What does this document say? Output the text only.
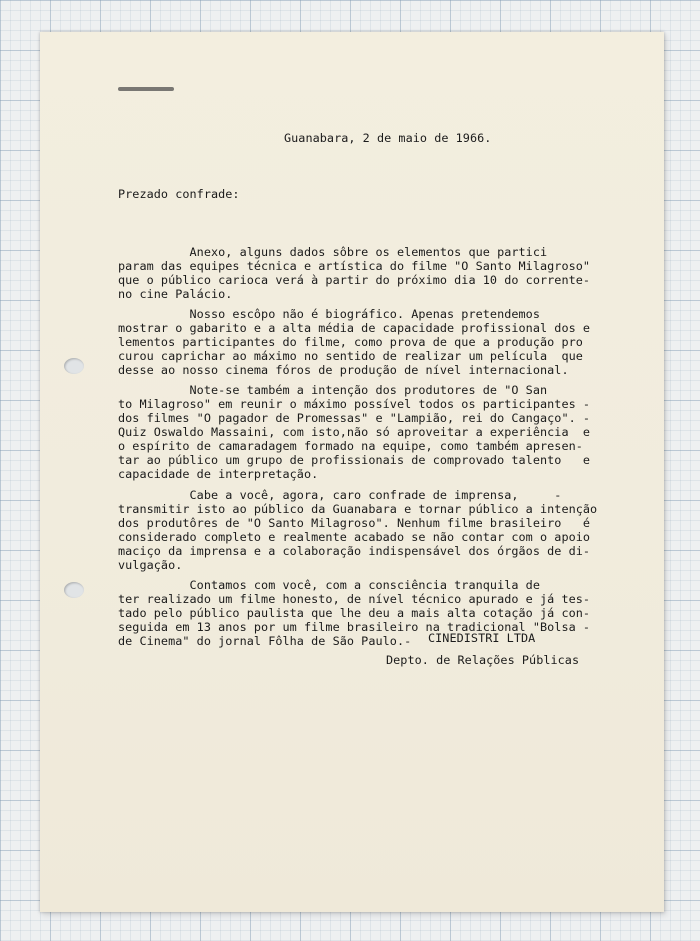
Guanabara, 2 de maio de 1966.
Prezado confrade:
Anexo, alguns dados sôbre os elementos que partici
param das equipes técnica e artística do filme "O Santo Milagroso"
que o público carioca verá à partir do próximo dia 10 do corrente-
no cine Palácio.
Nosso escôpo não é biográfico. Apenas pretendemos
mostrar o gabarito e a alta média de capacidade profissional dos e
lementos participantes do filme, como prova de que a produção pro
curou caprichar ao máximo no sentido de realizar um película  que
desse ao nosso cinema fóros de produção de nível internacional.
Note-se também a intenção dos produtores de "O San
to Milagroso" em reunir o máximo possível todos os participantes -
dos filmes "O pagador de Promessas" e "Lampião, rei do Cangaço". -
Quiz Oswaldo Massaini, com isto,não só aproveitar a experiência  e
o espírito de camaradagem formado na equipe, como também apresen-
tar ao público um grupo de profissionais de comprovado talento   e
capacidade de interpretação.
Cabe a você, agora, caro confrade de imprensa,     -
transmitir isto ao público da Guanabara e tornar público a intenção
dos produtôres de "O Santo Milagroso". Nenhum filme brasileiro   é
considerado completo e realmente acabado se não contar com o apoio
maciço da imprensa e a colaboração indispensável dos órgãos de di-
vulgação.
Contamos com você, com a consciência tranquila de
ter realizado um filme honesto, de nível técnico apurado e já tes-
tado pelo público paulista que lhe deu a mais alta cotação já con-
seguida em 13 anos por um filme brasileiro na tradicional "Bolsa -
de Cinema" do jornal Fôlha de São Paulo.- CINEDISTRI LTDA
Depto. de Relações Públicas
